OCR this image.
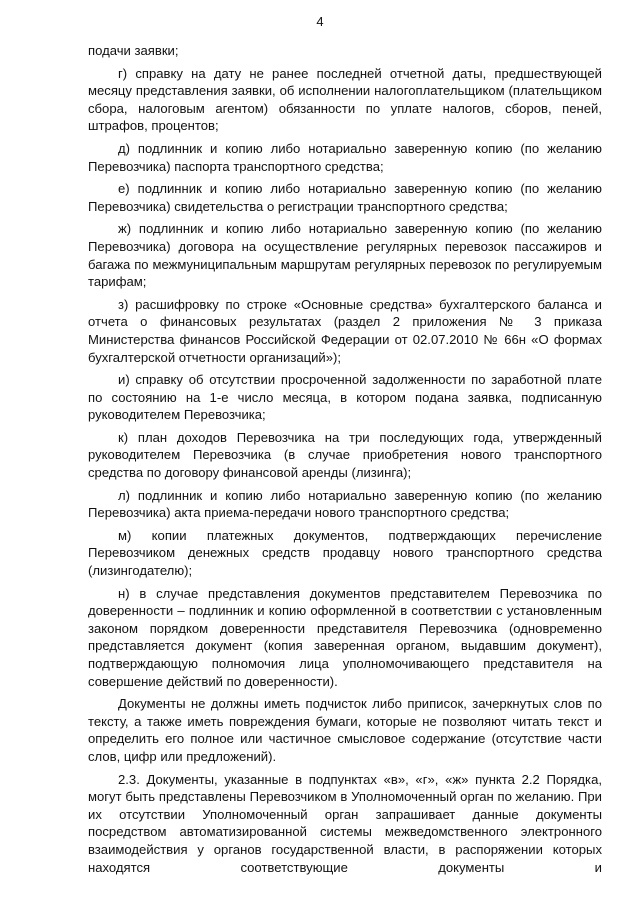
4

подачи заявки;

г) справку на дату не ранее последней отчетной даты, предшествующей месяцу представления заявки, об исполнении налогоплательщиком (плательщиком сбора, налоговым агентом) обязанности по уплате налогов, сборов, пеней, штрафов, процентов;

д) подлинник и копию либо нотариально заверенную копию (по желанию Перевозчика) паспорта транспортного средства;

е) подлинник и копию либо нотариально заверенную копию (по желанию Перевозчика) свидетельства о регистрации транспортного средства;

ж) подлинник и копию либо нотариально заверенную копию (по желанию Перевозчика) договора на осуществление регулярных перевозок пассажиров и багажа по межмуниципальным маршрутам регулярных перевозок по регулируемым тарифам;

з) расшифровку по строке «Основные средства» бухгалтерского баланса и отчета о финансовых результатах (раздел 2 приложения № 3 приказа Министерства финансов Российской Федерации от 02.07.2010 № 66н «О формах бухгалтерской отчетности организаций»);

и) справку об отсутствии просроченной задолженности по заработной плате по состоянию на 1-е число месяца, в котором подана заявка, подписанную руководителем Перевозчика;

к) план доходов Перевозчика на три последующих года, утвержденный руководителем Перевозчика (в случае приобретения нового транспортного средства по договору финансовой аренды (лизинга);

л) подлинник и копию либо нотариально заверенную копию (по желанию Перевозчика) акта приема-передачи нового транспортного средства;

м) копии платежных документов, подтверждающих перечисление Перевозчиком денежных средств продавцу нового транспортного средства (лизингодателю);

н) в случае представления документов представителем Перевозчика по доверенности – подлинник и копию оформленной в соответствии с установленным законом порядком доверенности представителя Перевозчика (одновременно представляется документ (копия заверенная органом, выдавшим документ), подтверждающую полномочия лица уполномочивающего представителя на совершение действий по доверенности).

Документы не должны иметь подчисток либо приписок, зачеркнутых слов по тексту, а также иметь повреждения бумаги, которые не позволяют читать текст и определить его полное или частичное смысловое содержание (отсутствие части слов, цифр или предложений).

2.3. Документы, указанные в подпунктах «в», «г», «ж» пункта 2.2 Порядка, могут быть представлены Перевозчиком в Уполномоченный орган по желанию. При их отсутствии Уполномоченный орган запрашивает данные документы посредством автоматизированной системы межведомственного электронного взаимодействия у органов государственной власти, в распоряжении которых находятся соответствующие документы и
